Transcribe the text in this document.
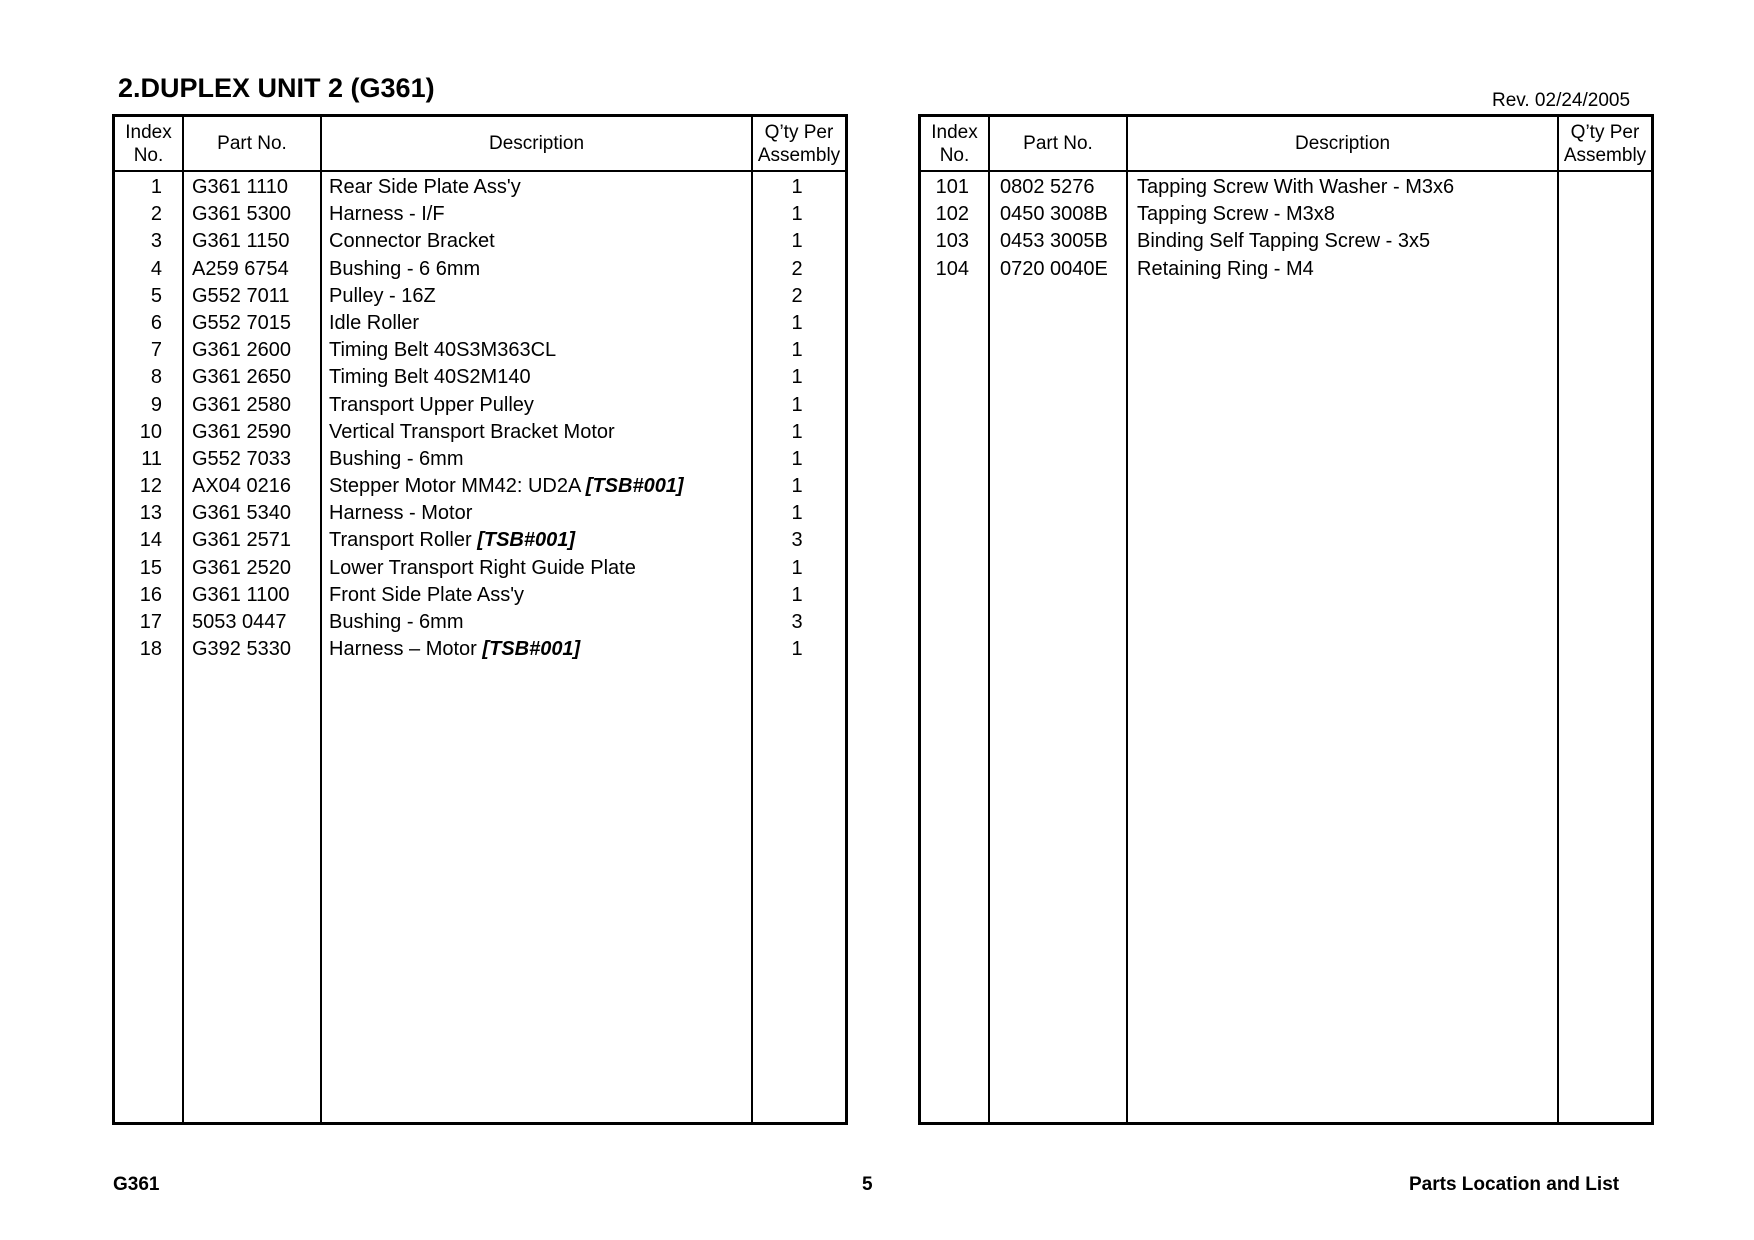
2.DUPLEX UNIT 2 (G361)	Rev. 02/24/2005
Index
No.
Part No.	Description
Q’ty Per
Assembly
1 G361 1110 Rear Side Plate Ass'y	1
2 G361 5300 Harness - I/F	1
3 G361 1150 Connector Bracket	1
4 A259 6754 Bushing - 6 6mm	2
5 G552 7011 Pulley - 16Z	2
6 G552 7015 Idle Roller	1
7 G361 2600 Timing Belt 40S3M363CL	1
8 G361 2650 Timing Belt 40S2M140	1
9 G361 2580 Transport Upper Pulley	1
10 G361 2590 Vertical Transport Bracket Motor	1
11 G552 7033 Bushing - 6mm	1
12 AX04 0216 Stepper Motor MM42: UD2A [TSB#001]	1
13 G361 5340 Harness - Motor	1
14 G361 2571 Transport Roller [TSB#001]	3
15 G361 2520 Lower Transport Right Guide Plate	1
16 G361 1100 Front Side Plate Ass'y	1
17 5053 0447 Bushing - 6mm	3
18 G392 5330 Harness – Motor [TSB#001]	1
Index
No.
Part No.	Description
Q’ty Per
Assembly
101 0802 5276 Tapping Screw With Washer - M3x6
102 0450 3008B Tapping Screw - M3x8
103 0453 3005B Binding Self Tapping Screw - 3x5
104 0720 0040E Retaining Ring - M4
G361	5	Parts Location and List
